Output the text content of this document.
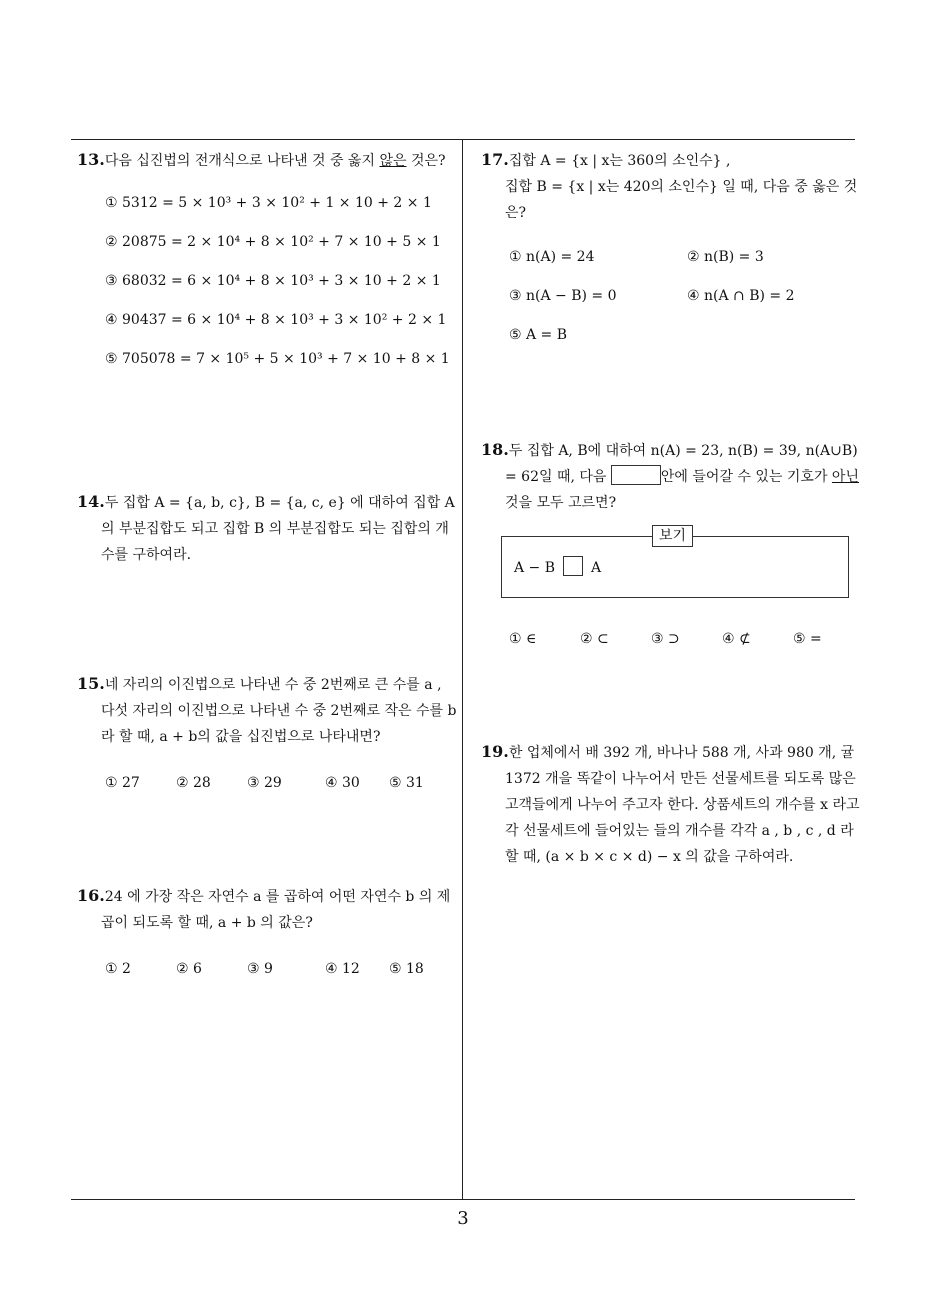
13.다음 십진법의 전개식으로 나타낸 것 중 옳지 않은 것은?
① 5312 = 5 × 10³ + 3 × 10² + 1 × 10 + 2 × 1
② 20875 = 2 × 10⁴ + 8 × 10² + 7 × 10 + 5 × 1
③ 68032 = 6 × 10⁴ + 8 × 10³ + 3 × 10 + 2 × 1
④ 90437 = 6 × 10⁴ + 8 × 10³ + 3 × 10² + 2 × 1
⑤ 705078 = 7 × 10⁵ + 5 × 10³ + 7 × 10 + 8 × 1
14.두 집합 A = {a, b, c}, B = {a, c, e} 에 대하여 집합 A 의 부분집합도 되고 집합 B 의 부분집합도 되는 집합의 개수를 구하여라.
15.네 자리의 이진법으로 나타낸 수 중 2번째로 큰 수를 a , 다섯 자리의 이진법으로 나타낸 수 중 2번째로 작은 수를 b라 할 때, a + b의 값을 십진법으로 나타내면?
① 27	② 28	③ 29	④ 30	⑤ 31
16.24 에 가장 작은 자연수 a 를 곱하여 어떤 자연수 b 의 제곱이 되도록 할 때, a + b 의 값은?
① 2	② 6	③ 9	④ 12	⑤ 18
17.집합 A = {x | x는 360의 소인수} ,
집합 B = {x | x는 420의 소인수} 일 때, 다음 중 옳은 것은?
① n(A) = 24	② n(B) = 3
③ n(A − B) = 0	④ n(A ∩ B) = 2
⑤ A = B
18.두 집합 A, B에 대하여 n(A) = 23, n(B) = 39, n(A∪B) = 62일 때, 다음	안에 들어갈 수 있는 기호가 아닌 것을 모두 고르면?
A − B	A
보기
① ∈	② ⊂	③ ⊃	④ ⊄	⑤ =
19.한 업체에서 배 392 개, 바나나 588 개, 사과 980 개, 귤 1372 개을 똑같이 나누어서 만든 선물세트를 되도록 많은 고객들에게 나누어 주고자 한다. 상품세트의 개수를 x 라고 각 선물세트에 들어있는 들의 개수를 각각 a , b , c , d 라 할 때, (a × b × c × d) − x 의 값을 구하여라.
3
